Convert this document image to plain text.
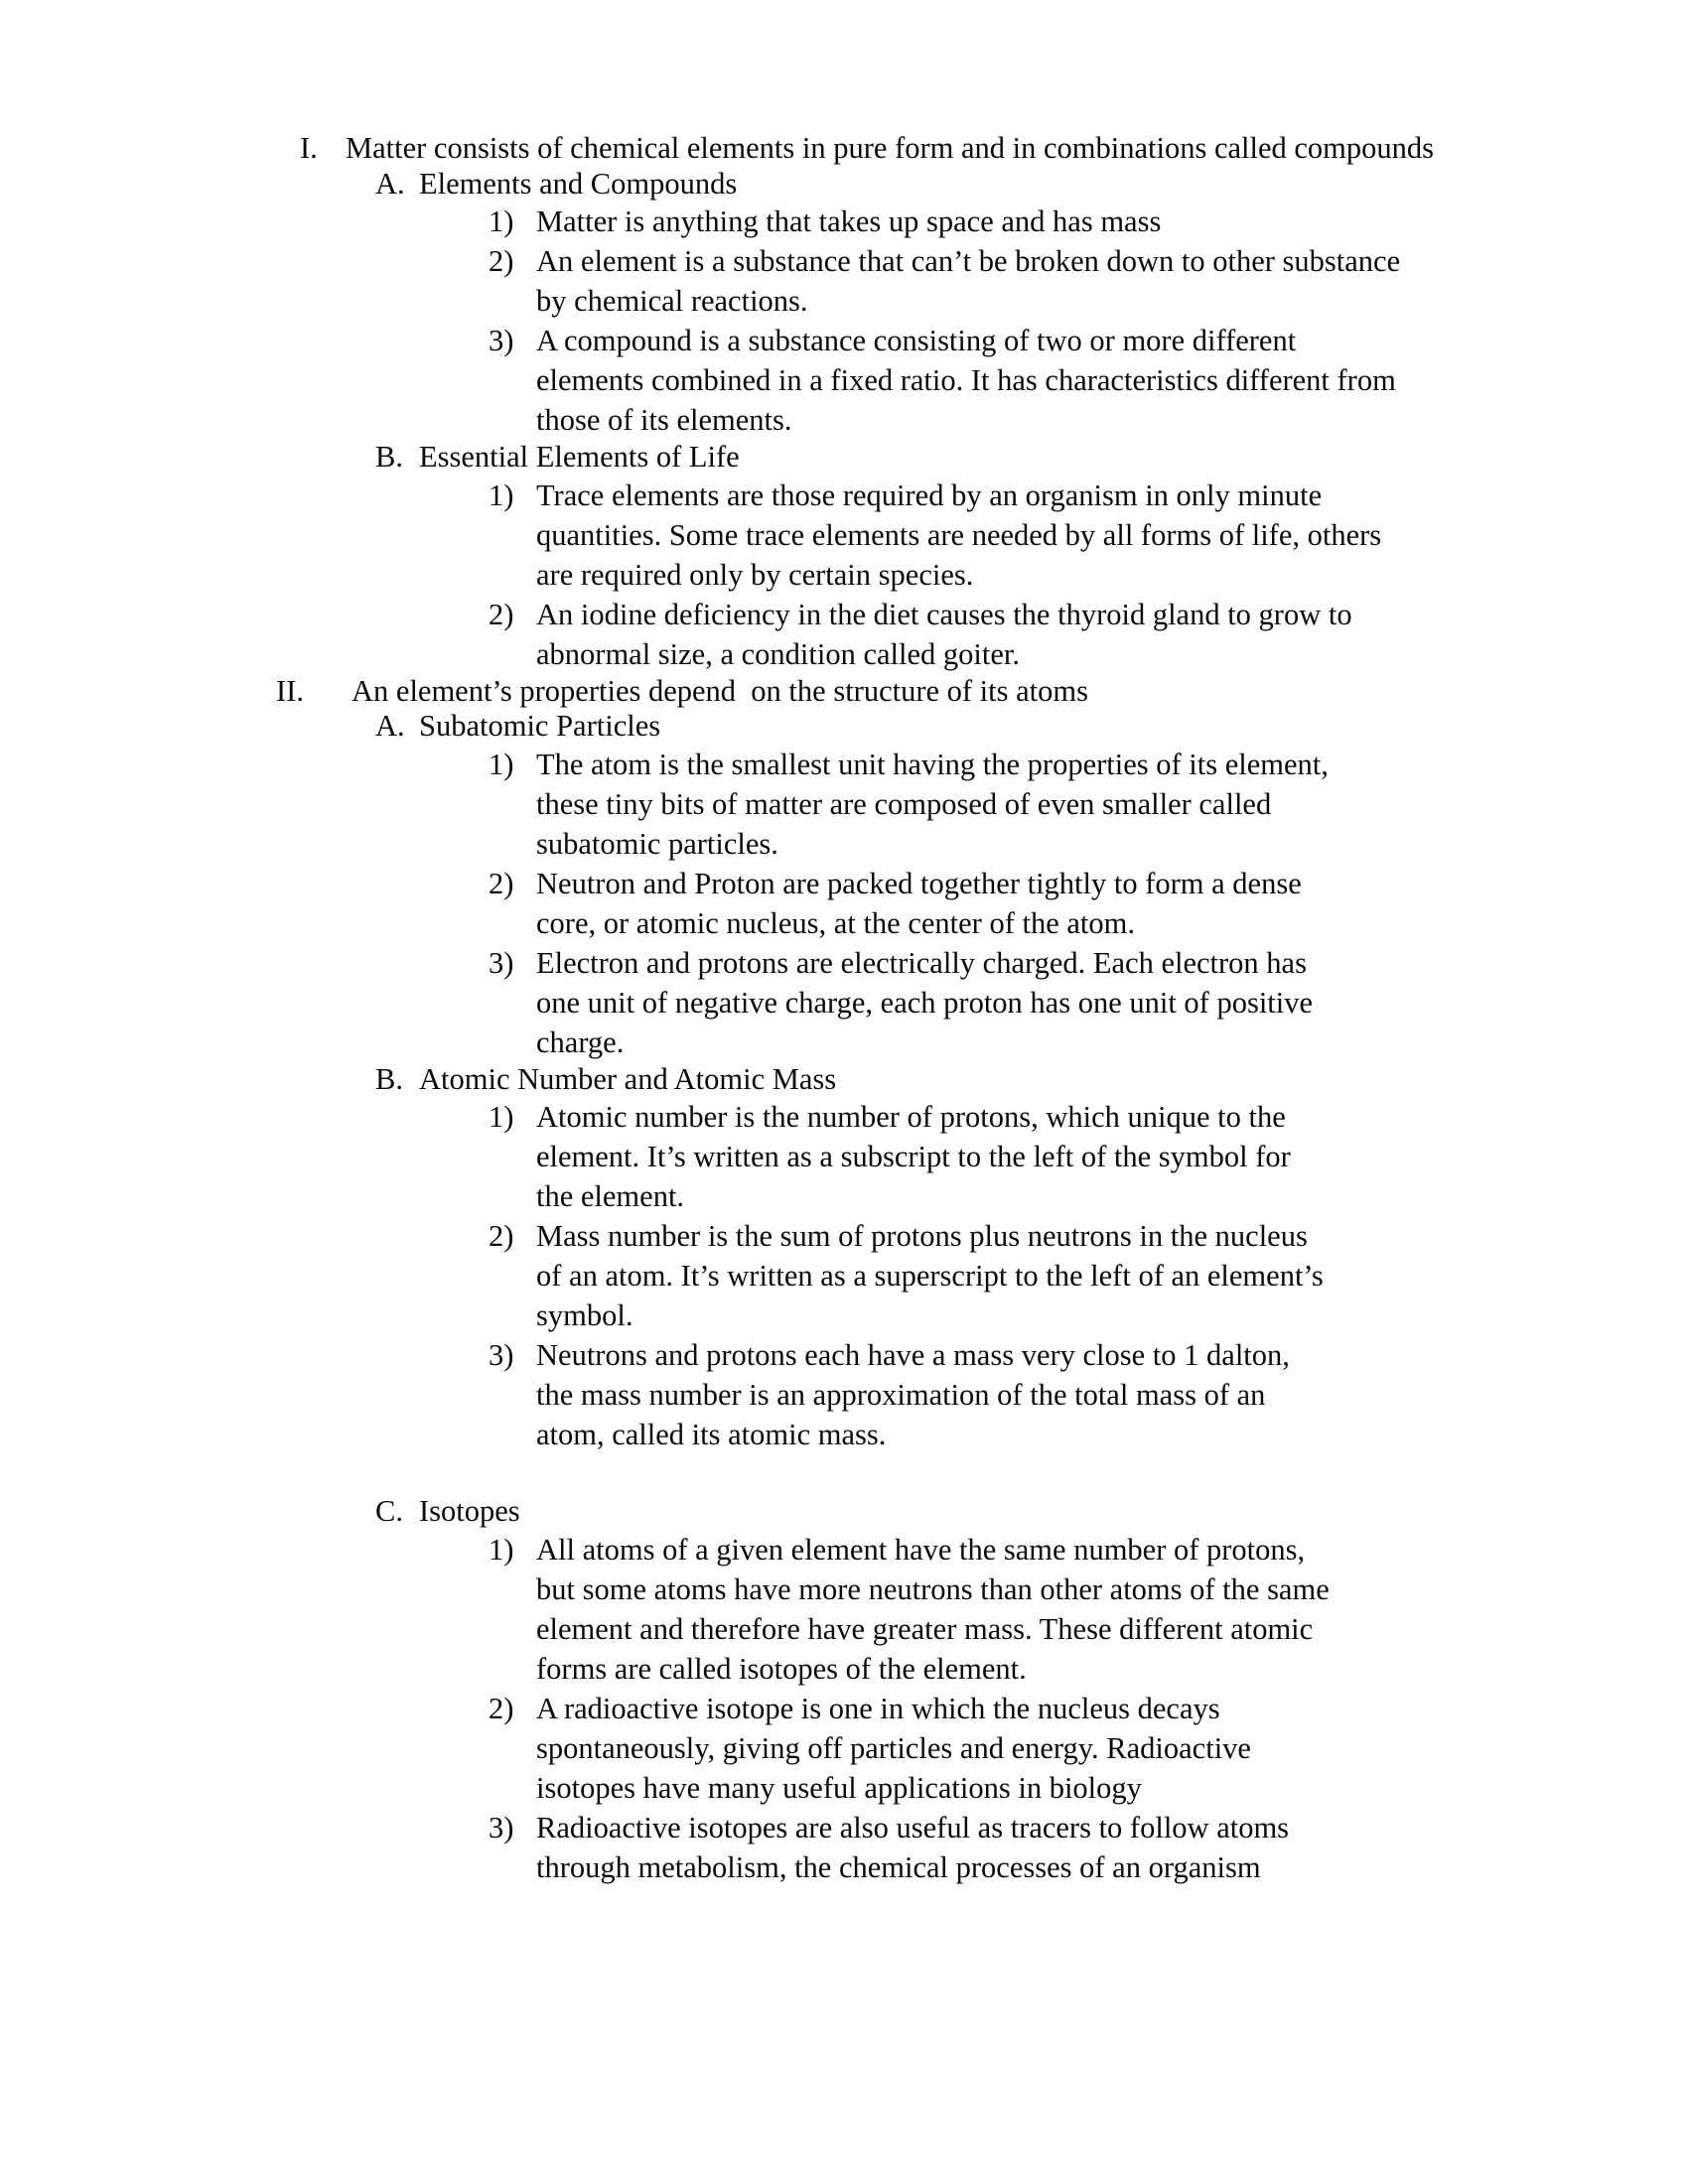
I. Matter consists of chemical elements in pure form and in combinations called compounds
A. Elements and Compounds
1) Matter is anything that takes up space and has mass
2) An element is a substance that can’t be broken down to other substance by chemical reactions.
3) A compound is a substance consisting of two or more different elements combined in a fixed ratio. It has characteristics different from those of its elements.
B. Essential Elements of Life
1) Trace elements are those required by an organism in only minute quantities. Some trace elements are needed by all forms of life, others are required only by certain species.
2) An iodine deficiency in the diet causes the thyroid gland to grow to abnormal size, a condition called goiter.
II.	An element’s properties depend  on the structure of its atoms
A. Subatomic Particles
1) The atom is the smallest unit having the properties of its element, these tiny bits of matter are composed of even smaller called subatomic particles.
2) Neutron and Proton are packed together tightly to form a dense core, or atomic nucleus, at the center of the atom.
3) Electron and protons are electrically charged. Each electron has one unit of negative charge, each proton has one unit of positive charge.
B. Atomic Number and Atomic Mass
1) Atomic number is the number of protons, which unique to the element. It’s written as a subscript to the left of the symbol for the element.
2) Mass number is the sum of protons plus neutrons in the nucleus of an atom. It’s written as a superscript to the left of an element’s symbol.
3) Neutrons and protons each have a mass very close to 1 dalton, the mass number is an approximation of the total mass of an atom, called its atomic mass.
C. Isotopes
1) All atoms of a given element have the same number of protons, but some atoms have more neutrons than other atoms of the same element and therefore have greater mass. These different atomic forms are called isotopes of the element.
2) A radioactive isotope is one in which the nucleus decays spontaneously, giving off particles and energy. Radioactive isotopes have many useful applications in biology
3) Radioactive isotopes are also useful as tracers to follow atoms through metabolism, the chemical processes of an organism
